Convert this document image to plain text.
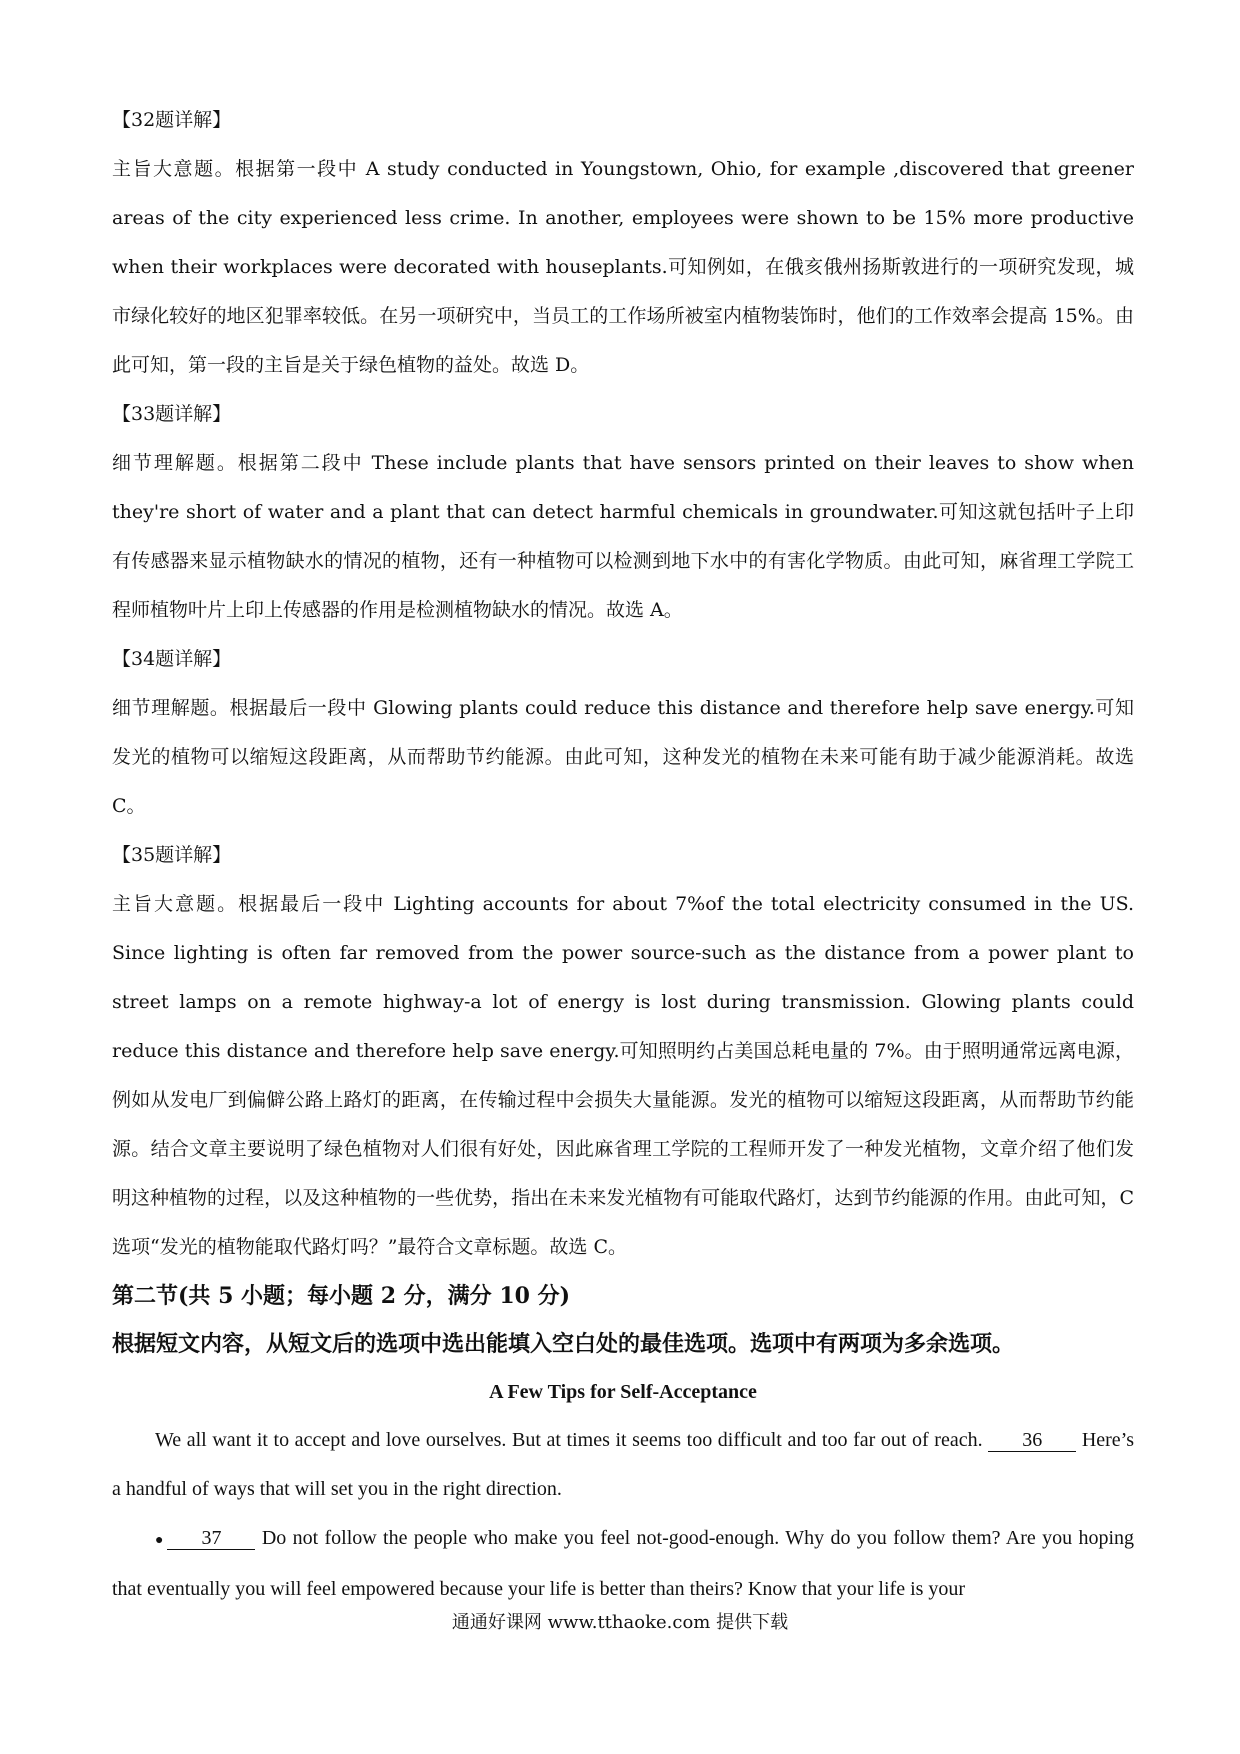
【32题详解】

主旨大意题。根据第一段中 A study conducted in Youngstown, Ohio, for example ,discovered that greener areas of the city experienced less crime. In another, employees were shown to be 15% more productive when their workplaces were decorated with houseplants.可知例如，在俄亥俄州扬斯敦进行的一项研究发现，城市绿化较好的地区犯罪率较低。在另一项研究中，当员工的工作场所被室内植物装饰时，他们的工作效率会提高 15%。由此可知，第一段的主旨是关于绿色植物的益处。故选 D。

【33题详解】

细节理解题。根据第二段中 These include plants that have sensors printed on their leaves to show when they're short of water and a plant that can detect harmful chemicals in groundwater.可知这就包括叶子上印有传感器来显示植物缺水的情况的植物，还有一种植物可以检测到地下水中的有害化学物质。由此可知，麻省理工学院工程师植物叶片上印上传感器的作用是检测植物缺水的情况。故选 A。

【34题详解】

细节理解题。根据最后一段中 Glowing plants could reduce this distance and therefore help save energy.可知发光的植物可以缩短这段距离，从而帮助节约能源。由此可知，这种发光的植物在未来可能有助于减少能源消耗。故选 C。

【35题详解】

主旨大意题。根据最后一段中 Lighting accounts for about 7%of the total electricity consumed in the US. Since lighting is often far removed from the power source-such as the distance from a power plant to street lamps on a remote highway-a lot of energy is lost during transmission. Glowing plants could reduce this distance and therefore help save energy.可知照明约占美国总耗电量的 7%。由于照明通常远离电源，例如从发电厂到偏僻公路上路灯的距离，在传输过程中会损失大量能源。发光的植物可以缩短这段距离，从而帮助节约能源。结合文章主要说明了绿色植物对人们很有好处，因此麻省理工学院的工程师开发了一种发光植物，文章介绍了他们发明这种植物的过程，以及这种植物的一些优势，指出在未来发光植物有可能取代路灯，达到节约能源的作用。由此可知，C选项“发光的植物能取代路灯吗？”最符合文章标题。故选 C。

第二节(共 5 小题；每小题 2 分，满分 10 分)
根据短文内容，从短文后的选项中选出能填入空白处的最佳选项。选项中有两项为多余选项。
A Few Tips for Self-Acceptance

We all want it to accept and love ourselves. But at times it seems too difficult and too far out of reach. 36 Here’s a handful of ways that will set you in the right direction.

● 37 Do not follow the people who make you feel not-good-enough. Why do you follow them? Are you hoping that eventually you will feel empowered because your life is better than theirs? Know that your life is your

通通好课网 www.tthaoke.com 提供下载
